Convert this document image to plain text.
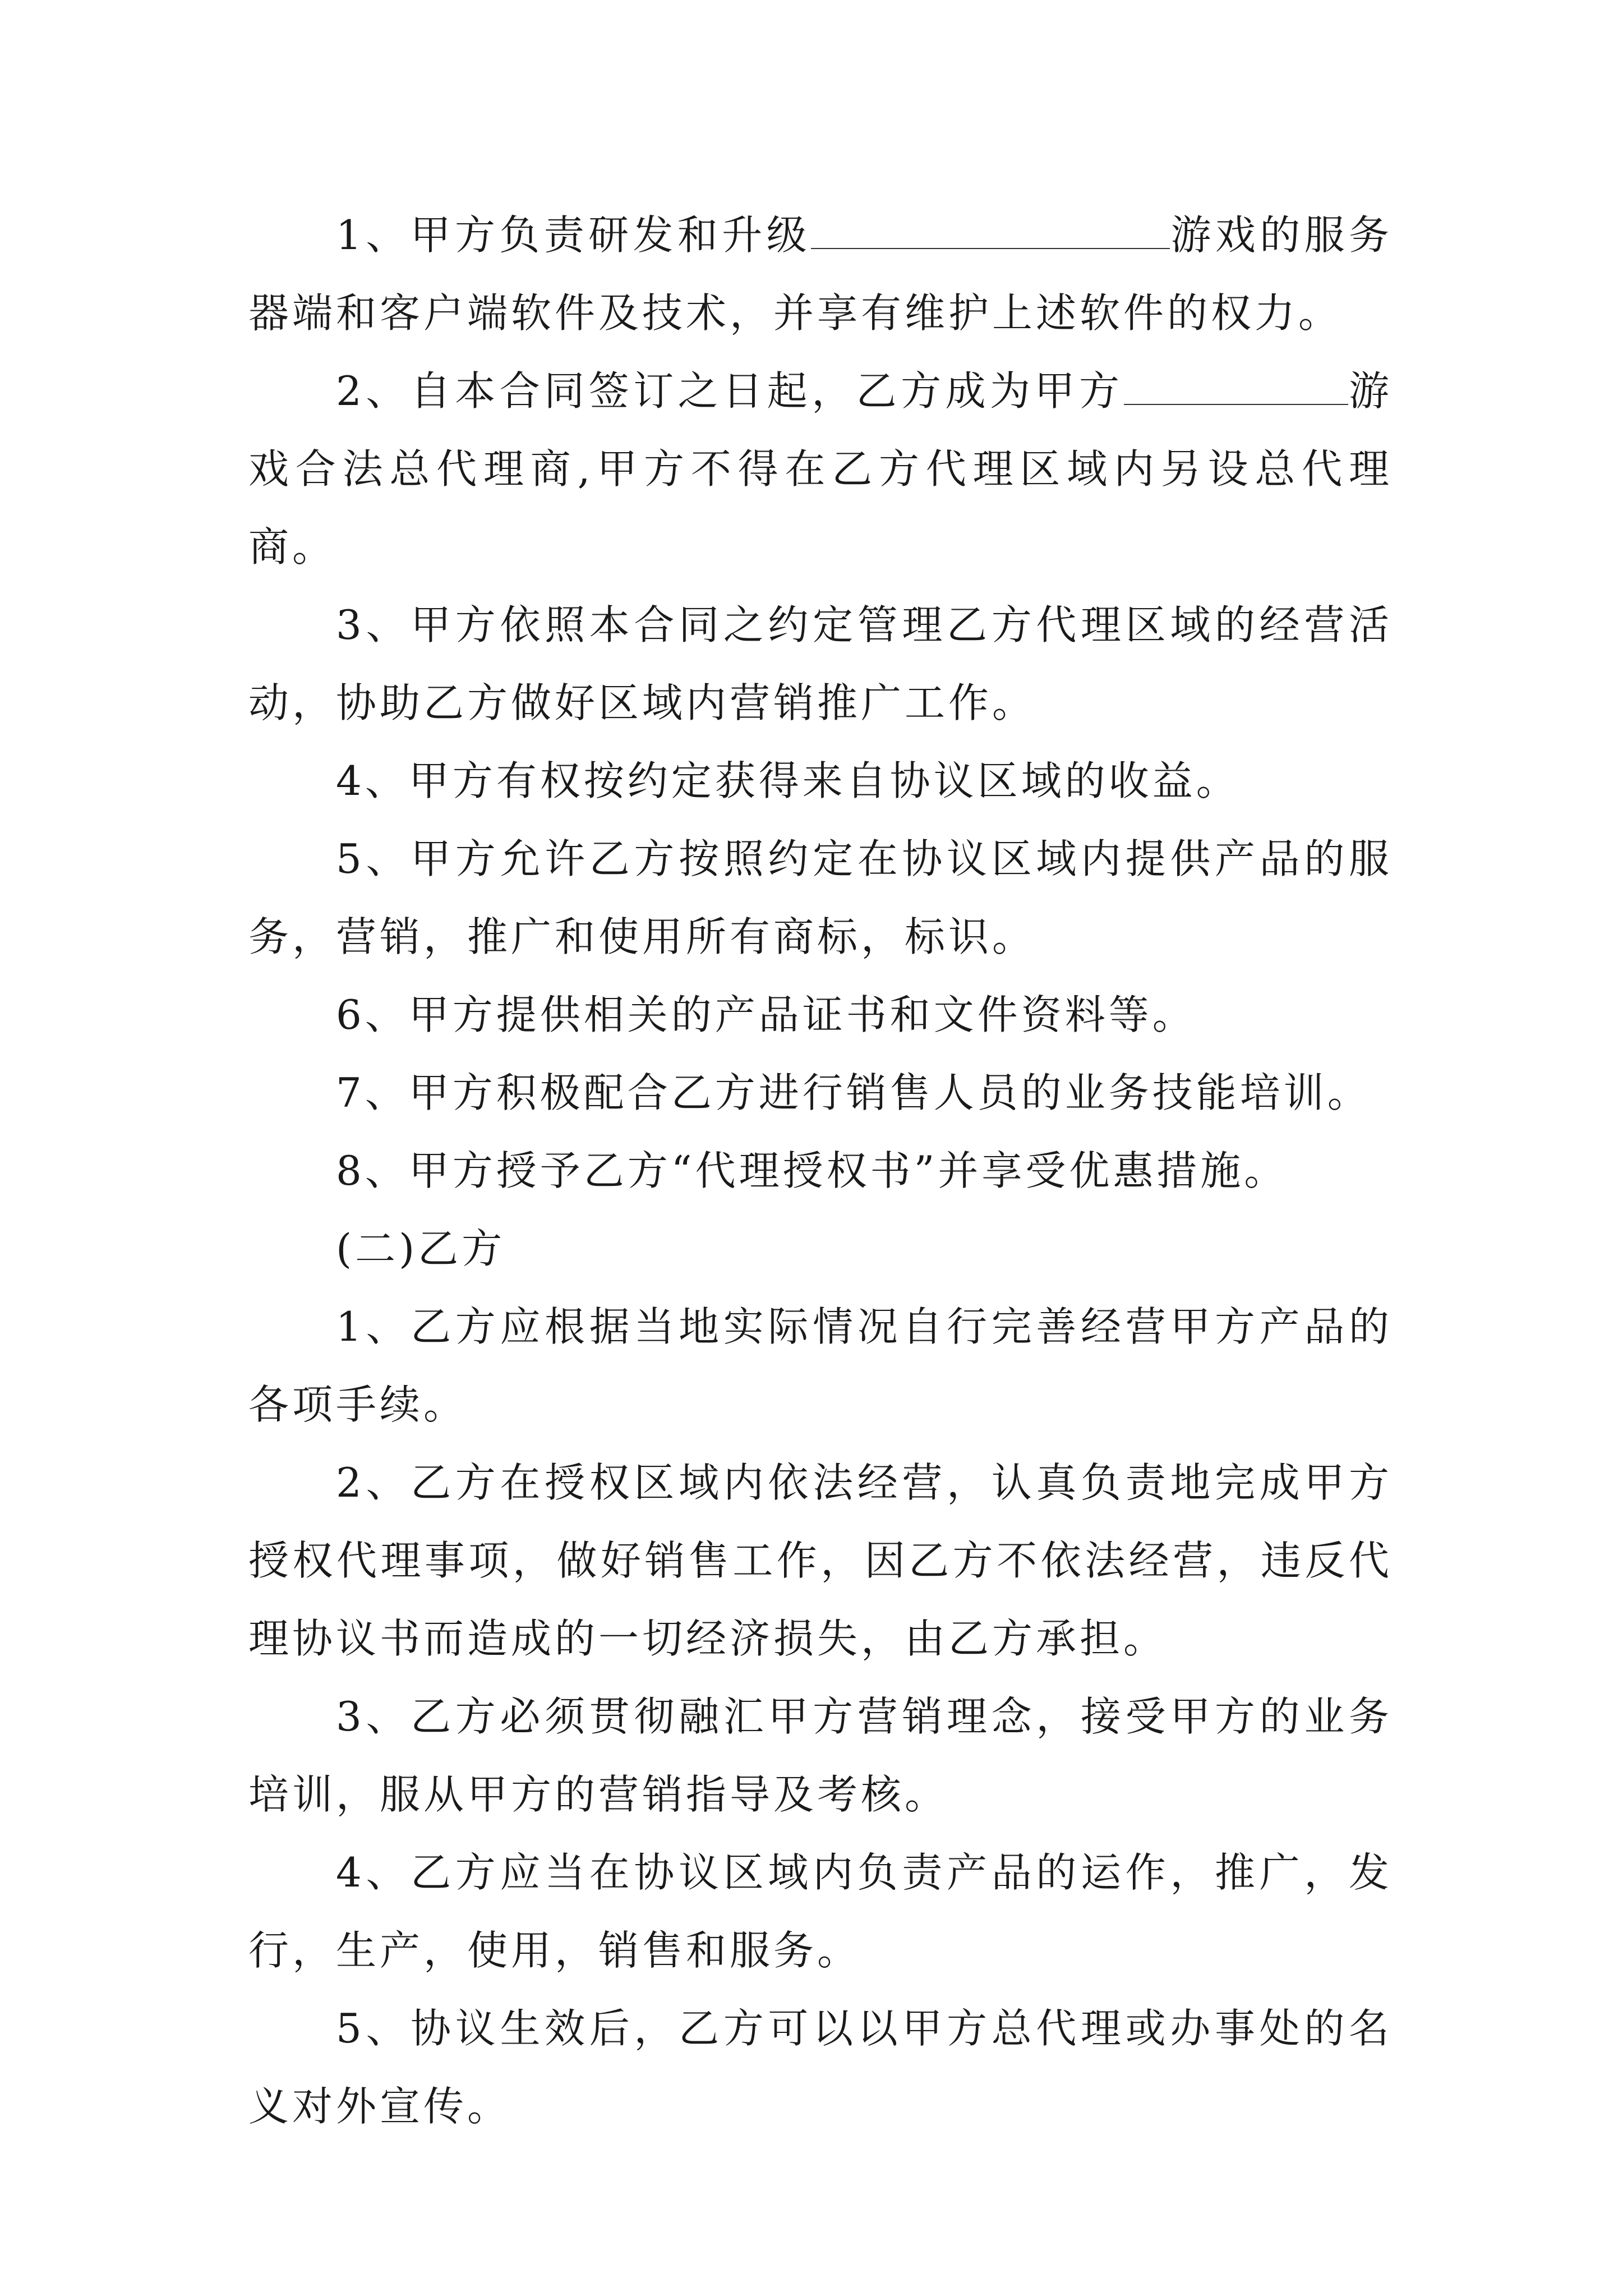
1、甲方负责研发和升级	游戏的服务器端和客户端软件及技术，并享有维护上述软件的权力。

2、自本合同签订之日起，乙方成为甲方	游戏合法总代理商,甲方不得在乙方代理区域内另设总代理商。

3、甲方依照本合同之约定管理乙方代理区域的经营活动，协助乙方做好区域内营销推广工作。

4、甲方有权按约定获得来自协议区域的收益。

5、甲方允许乙方按照约定在协议区域内提供产品的服务，营销，推广和使用所有商标，标识。

6、甲方提供相关的产品证书和文件资料等。

7、甲方积极配合乙方进行销售人员的业务技能培训。

8、甲方授予乙方“代理授权书”并享受优惠措施。

(二)乙方

1、乙方应根据当地实际情况自行完善经营甲方产品的各项手续。

2、乙方在授权区域内依法经营，认真负责地完成甲方授权代理事项，做好销售工作，因乙方不依法经营，违反代理协议书而造成的一切经济损失，由乙方承担。

3、乙方必须贯彻融汇甲方营销理念，接受甲方的业务培训，服从甲方的营销指导及考核。

4、乙方应当在协议区域内负责产品的运作，推广，发行，生产，使用，销售和服务。

5、协议生效后，乙方可以以甲方总代理或办事处的名义对外宣传。
